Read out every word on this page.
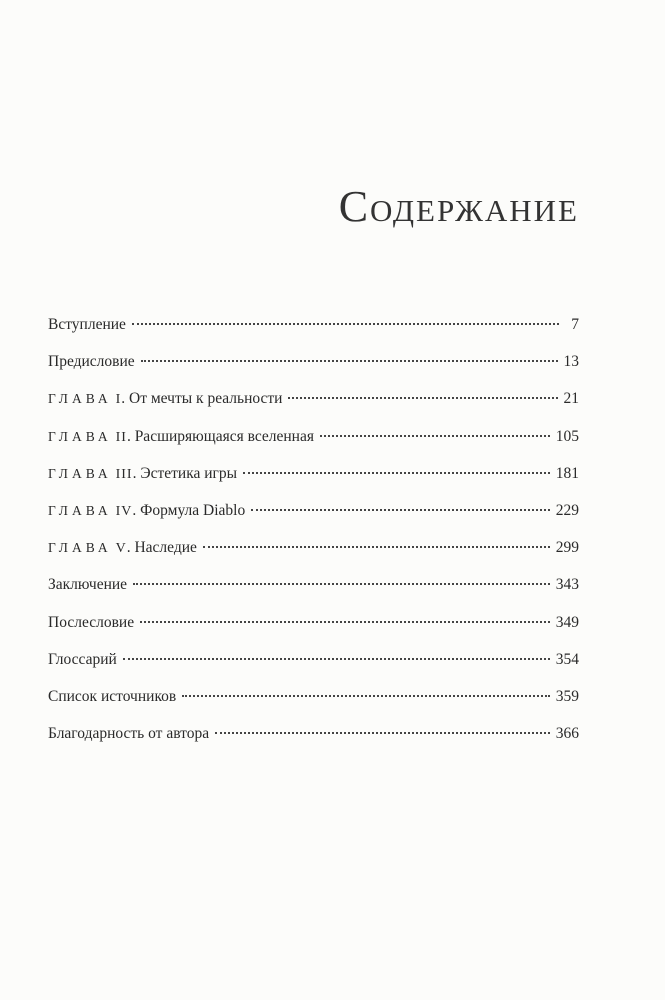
Содержание
Вступление	7
Предисловие	13
ГЛАВА I. От мечты к реальности	21
ГЛАВА II. Расширяющаяся вселенная	105
ГЛАВА III. Эстетика игры	181
ГЛАВА IV. Формула Diablo	229
ГЛАВА V. Наследие	299
Заключение	343
Послесловие	349
Глоссарий	354
Список источников	359
Благодарность от автора	366
